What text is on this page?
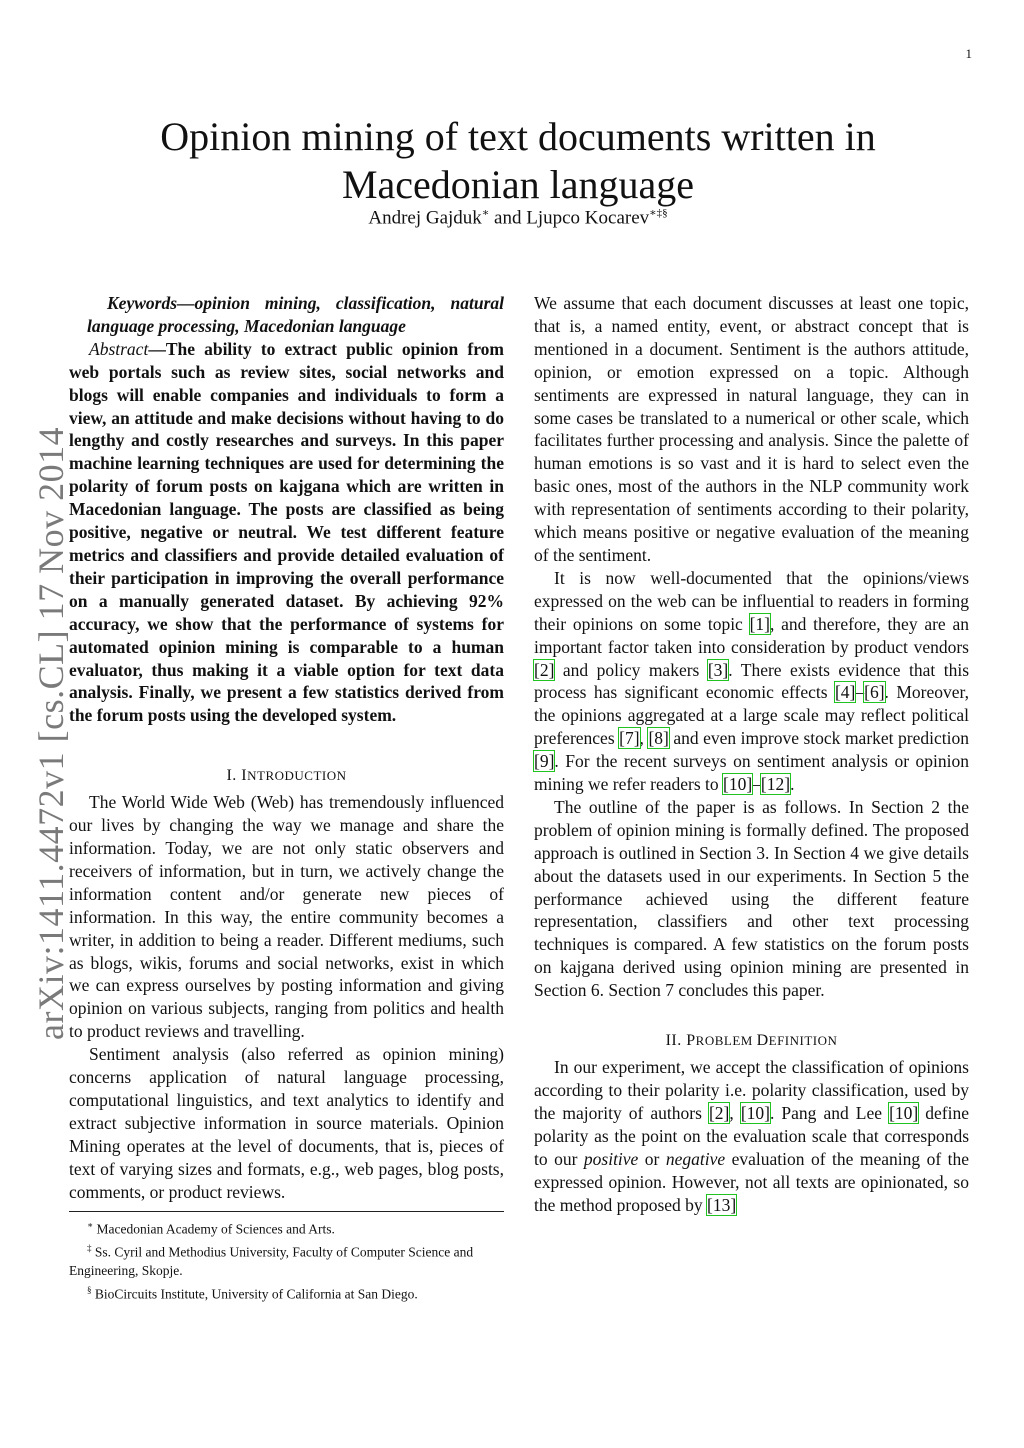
1
Opinion mining of text documents written in
Macedonian language
Andrej Gajduk∗ and Ljupco Kocarev∗‡§
arXiv:1411.4472v1 [cs.CL] 17 Nov 2014

Keywords—opinion mining, classification, natural language processing, Macedonian language

Abstract—The ability to extract public opinion from web portals such as review sites, social networks and blogs will enable companies and individuals to form a view, an attitude and make decisions without having to do lengthy and costly researches and surveys. In this paper machine learning techniques are used for determining the polarity of forum posts on kajgana which are written in Macedonian language. The posts are classified as being positive, negative or neutral. We test different feature metrics and classifiers and provide detailed evaluation of their participation in improving the overall performance on a manually generated dataset. By achieving 92% accuracy, we show that the performance of systems for automated opinion mining is comparable to a human evaluator, thus making it a viable option for text data analysis. Finally, we present a few statistics derived from the forum posts using the developed system.

I. INTRODUCTION

The World Wide Web (Web) has tremendously influenced our lives by changing the way we manage and share the information. Today, we are not only static observers and receivers of information, but in turn, we actively change the information content and/or generate new pieces of information. In this way, the entire community becomes a writer, in addition to being a reader. Different mediums, such as blogs, wikis, forums and social networks, exist in which we can express ourselves by posting information and giving opinion on various subjects, ranging from politics and health to product reviews and travelling.

Sentiment analysis (also referred as opinion mining) concerns application of natural language processing, computational linguistics, and text analytics to identify and extract subjective information in source materials. Opinion Mining operates at the level of documents, that is, pieces of text of varying sizes and formats, e.g., web pages, blog posts, comments, or product reviews.

∗ Macedonian Academy of Sciences and Arts.
‡ Ss. Cyril and Methodius University, Faculty of Computer Science and Engineering, Skopje.
§ BioCircuits Institute, University of California at San Diego.

We assume that each document discusses at least one topic, that is, a named entity, event, or abstract concept that is mentioned in a document. Sentiment is the authors attitude, opinion, or emotion expressed on a topic. Although sentiments are expressed in natural language, they can in some cases be translated to a numerical or other scale, which facilitates further processing and analysis. Since the palette of human emotions is so vast and it is hard to select even the basic ones, most of the authors in the NLP community work with representation of sentiments according to their polarity, which means positive or negative evaluation of the meaning of the sentiment.

It is now well-documented that the opinions/views expressed on the web can be influential to readers in forming their opinions on some topic [1], and therefore, they are an important factor taken into consideration by product vendors [2] and policy makers [3]. There exists evidence that this process has significant economic effects [4]–[6]. Moreover, the opinions aggregated at a large scale may reflect political preferences [7], [8] and even improve stock market prediction [9]. For the recent surveys on sentiment analysis or opinion mining we refer readers to [10]–[12].

The outline of the paper is as follows. In Section 2 the problem of opinion mining is formally defined. The proposed approach is outlined in Section 3. In Section 4 we give details about the datasets used in our experiments. In Section 5 the performance achieved using the different feature representation, classifiers and other text processing techniques is compared. A few statistics on the forum posts on kajgana derived using opinion mining are presented in Section 6. Section 7 concludes this paper.

II. PROBLEM DEFINITION

In our experiment, we accept the classification of opinions according to their polarity i.e. polarity classification, used by the majority of authors [2], [10]. Pang and Lee [10] define polarity as the point on the evaluation scale that corresponds to our positive or negative evaluation of the meaning of the expressed opinion. However, not all texts are opinionated, so the method proposed by [13]
